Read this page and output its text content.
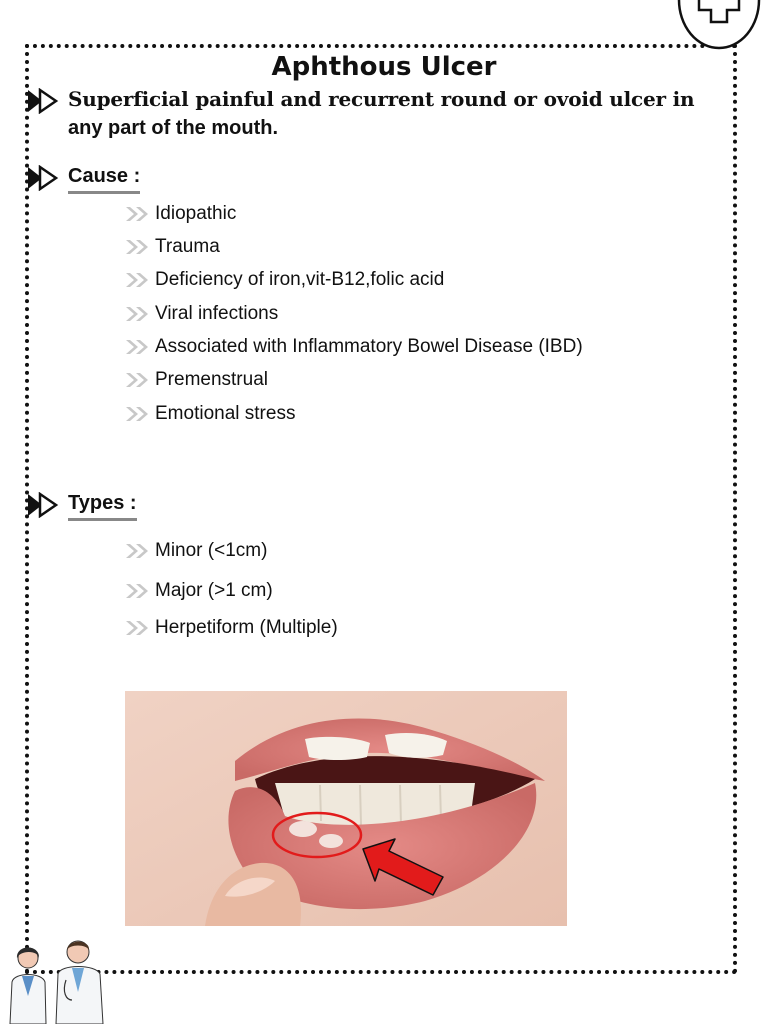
Aphthous Ulcer
Superficial painful and recurrent round or ovoid ulcer in
any part of the mouth.
Cause :
Idiopathic
Trauma
Deficiency of iron,vit-B12,folic acid
Viral infections
Associated with Inflammatory Bowel Disease (IBD)
Premenstrual
Emotional stress
Types :
Minor (<1cm)
Major (>1 cm)
Herpetiform (Multiple)
